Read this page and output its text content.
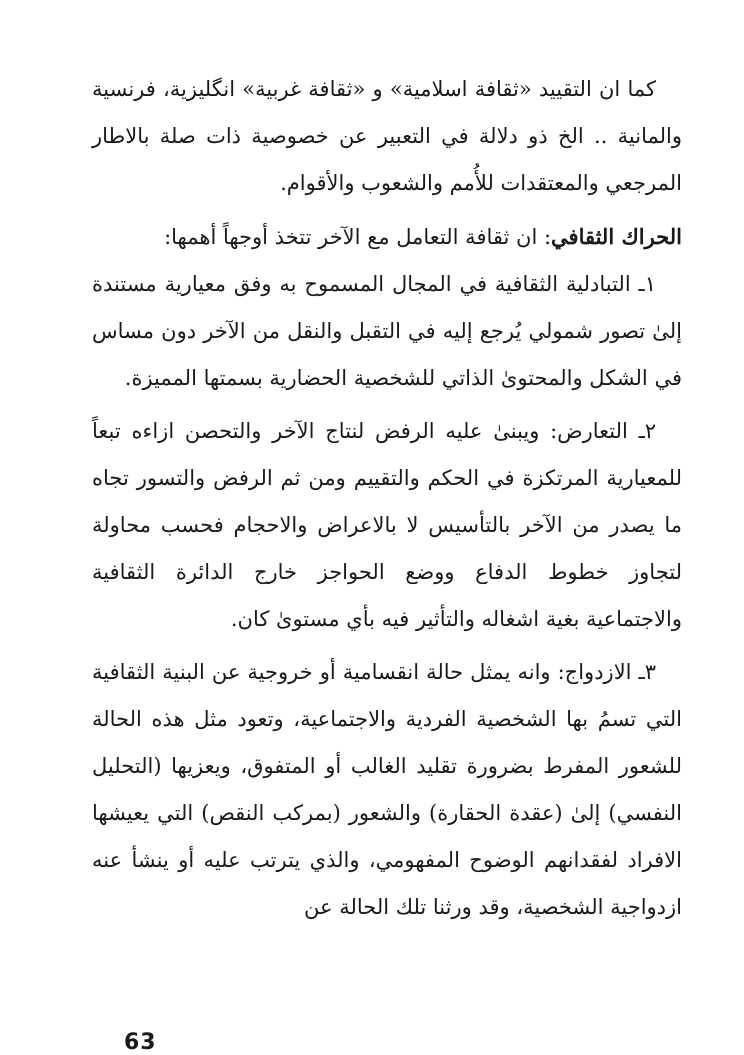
كما ان التقييد «ثقافة اسلامية» و «ثقافة غربية» انگليزية، فرنسية والمانية .. الخ ذو دلالة في التعبير عن خصوصية ذات صلة بالاطار المرجعي والمعتقدات للأُمم والشعوب والأقوام.

الحراك الثقافي: ان ثقافة التعامل مع الآخر تتخذ أوجهاً أهمها:

١ـ التبادلية الثقافية في المجال المسموح به وفق معيارية مستندة إلىٰ تصور شمولي يُرجع إليه في التقبل والنقل من الآخر دون مساس في الشكل والمحتوىٰ الذاتي للشخصية الحضارية بسمتها المميزة.

٢ـ التعارض: ويبنىٰ عليه الرفض لنتاج الآخر والتحصن ازاءه تبعاً للمعيارية المرتكزة في الحكم والتقييم ومن ثم الرفض والتسور تجاه ما يصدر من الآخر بالتأسيس لا بالاعراض والاحجام فحسب محاولة لتجاوز خطوط الدفاع ووضع الحواجز خارج الدائرة الثقافية والاجتماعية بغية اشغاله والتأثير فيه بأي مستوىٰ كان.

٣ـ الازدواج: وانه يمثل حالة انقسامية أو خروجية عن البنية الثقافية التي تسمُ بها الشخصية الفردية والاجتماعية، وتعود مثل هذه الحالة للشعور المفرط بضرورة تقليد الغالب أو المتفوق، ويعزيها (التحليل النفسي) إلىٰ (عقدة الحقارة) والشعور (بمركب النقص) التي يعيشها الافراد لفقدانهم الوضوح المفهومي، والذي يترتب عليه أو ينشأ عنه ازدواجية الشخصية، وقد ورثنا تلك الحالة عن

63
